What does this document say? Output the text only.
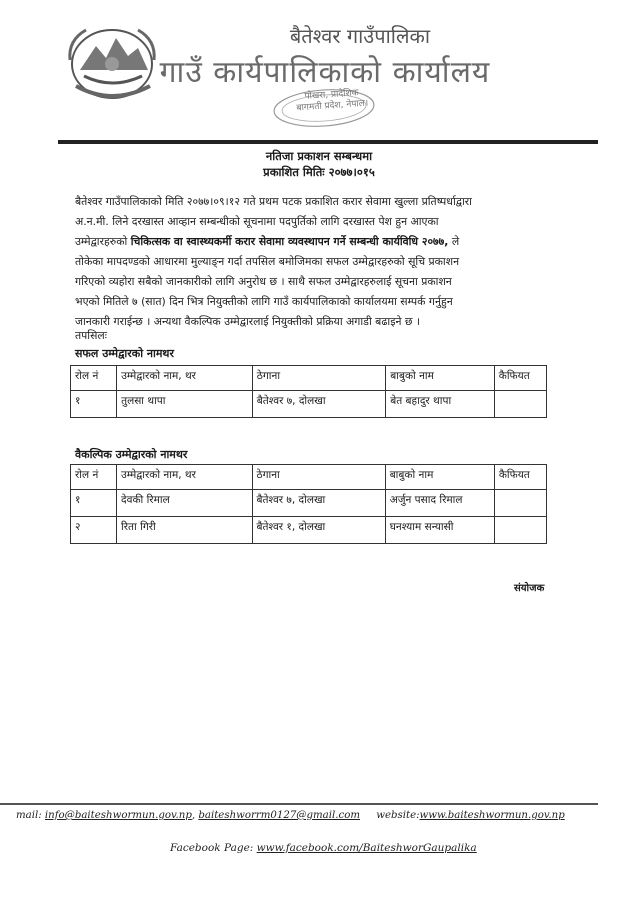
बैतेश्वर गाउँपालिका
गाउँ कार्यपालिकाको कार्यालय
पोखरा, प्रादेशिक
बागमती प्रदेश, नेपाल।
नतिजा प्रकाशन सम्बन्धमा
प्रकाशित मितिः २०७७।०१५
बैतेश्वर गाउँपालिकाको मिति २०७७।०९।१२ गते प्रथम पटक प्रकाशित करार सेवामा खुल्ला प्रतिष्पर्धाद्वारा
अ.न.मी. लिने दरखास्त आव्हान सम्बन्धीको सूचनामा पदपुर्तिको लागि दरखास्त पेश हुन आएका
उम्मेद्वारहरुको चिकित्सक वा स्वास्थ्यकर्मी करार सेवामा व्यवस्थापन गर्ने सम्बन्धी कार्यविधि २०७७, ले
तोकेका मापदण्डको आधारमा मुल्याङ्न गर्दा तपसिल बमोजिमका सफल उम्मेद्वारहरुको सूचि प्रकाशन
गरिएको व्यहोरा सबैको जानकारीको लागि अनुरोध छ । साथै सफल उम्मेद्वारहरुलाई सूचना प्रकाशन
भएको मितिले ७ (सात) दिन भित्र नियुक्तीको लागि गाउँ कार्यपालिकाको कार्यालयमा सम्पर्क गर्नुहुन
जानकारी गराईन्छ । अन्यथा वैकल्पिक उम्मेद्वारलाई नियुक्तीको प्रक्रिया अगाडी बढाइने छ ।
तपसिलः
सफल उम्मेद्वारको नामथर
रोल नं	उम्मेद्वारको नाम, थर	ठेगाना	बाबुको नाम	कैफियत
१	तुलसा थापा	बैतेश्वर ७, दोलखा	बेत बहादुर थापा	
वैकल्पिक उम्मेद्वारको नामथर
रोल नं	उम्मेद्वारको नाम, थर	ठेगाना	बाबुको नाम	कैफियत
१	देवकी रिमाल	बैतेश्वर ७, दोलखा	अर्जुन पसाद रिमाल	
२	रिता गिरी	बैतेश्वर १, दोलखा	घनश्याम सन्यासी	
संयोजक
mail: info@baiteshwormun.gov.np, baiteshworrm0127@gmail.com website:www.baiteshwormun.gov.np
Facebook Page: www.facebook.com/BaiteshworGaupalika
